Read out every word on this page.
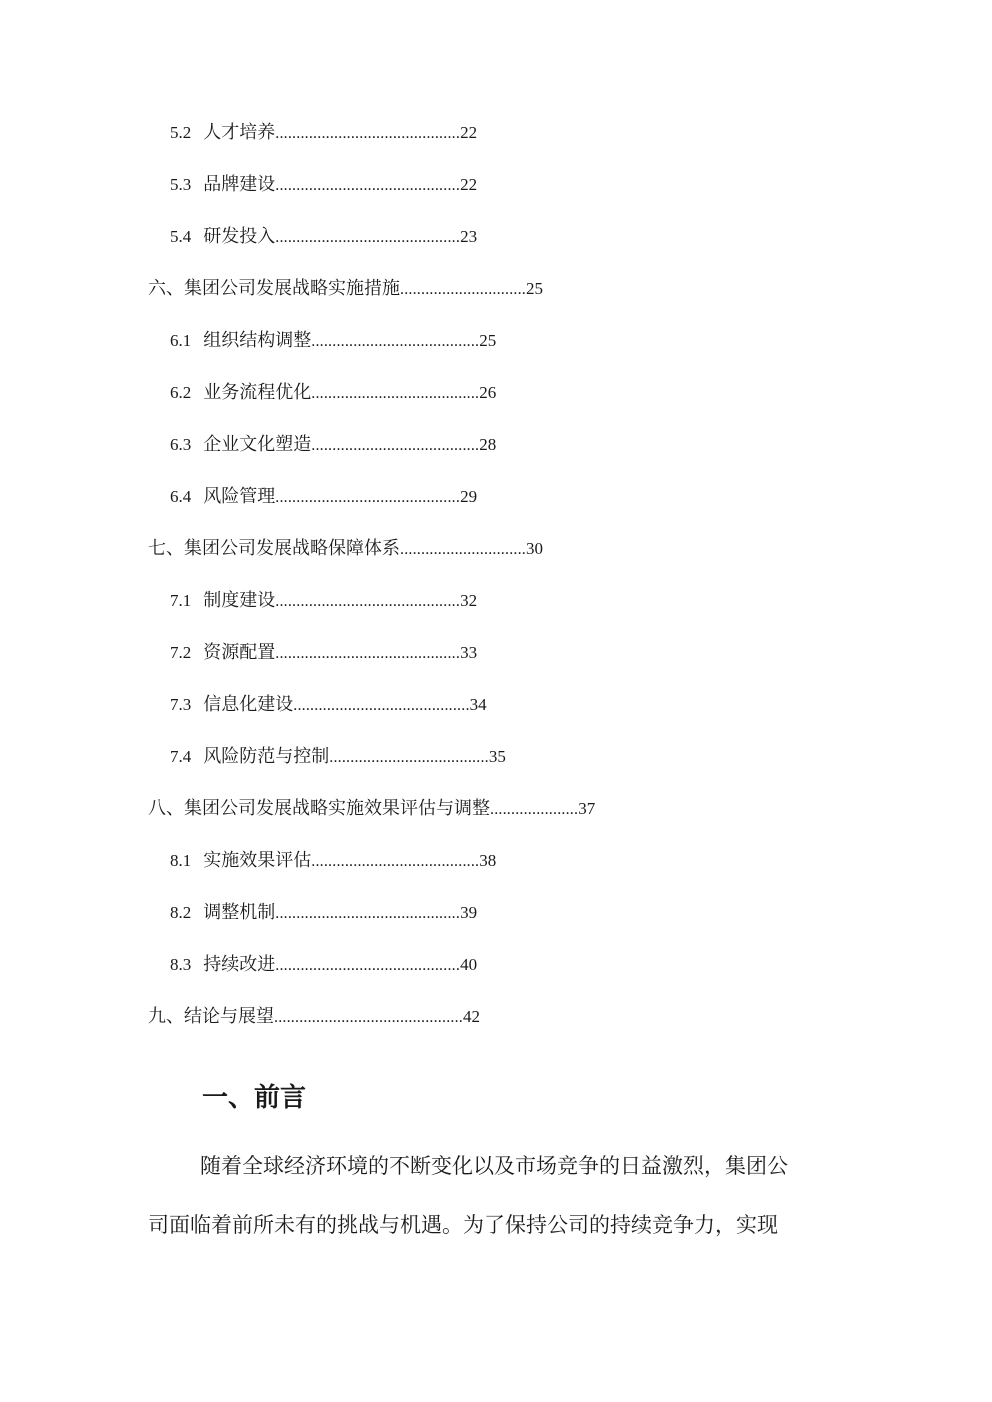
5.2 人才培养............................................22
5.3 品牌建设............................................22
5.4 研发投入............................................23
六、集团公司发展战略实施措施..............................25
6.1 组织结构调整........................................25
6.2 业务流程优化........................................26
6.3 企业文化塑造........................................28
6.4 风险管理............................................29
七、集团公司发展战略保障体系..............................30
7.1 制度建设............................................32
7.2 资源配置............................................33
7.3 信息化建设..........................................34
7.4 风险防范与控制......................................35
八、集团公司发展战略实施效果评估与调整.....................37
8.1 实施效果评估........................................38
8.2 调整机制............................................39
8.3 持续改进............................................40
九、结论与展望.............................................42
一、前言
随着全球经济环境的不断变化以及市场竞争的日益激烈，集团公
司面临着前所未有的挑战与机遇。为了保持公司的持续竞争力，实现
